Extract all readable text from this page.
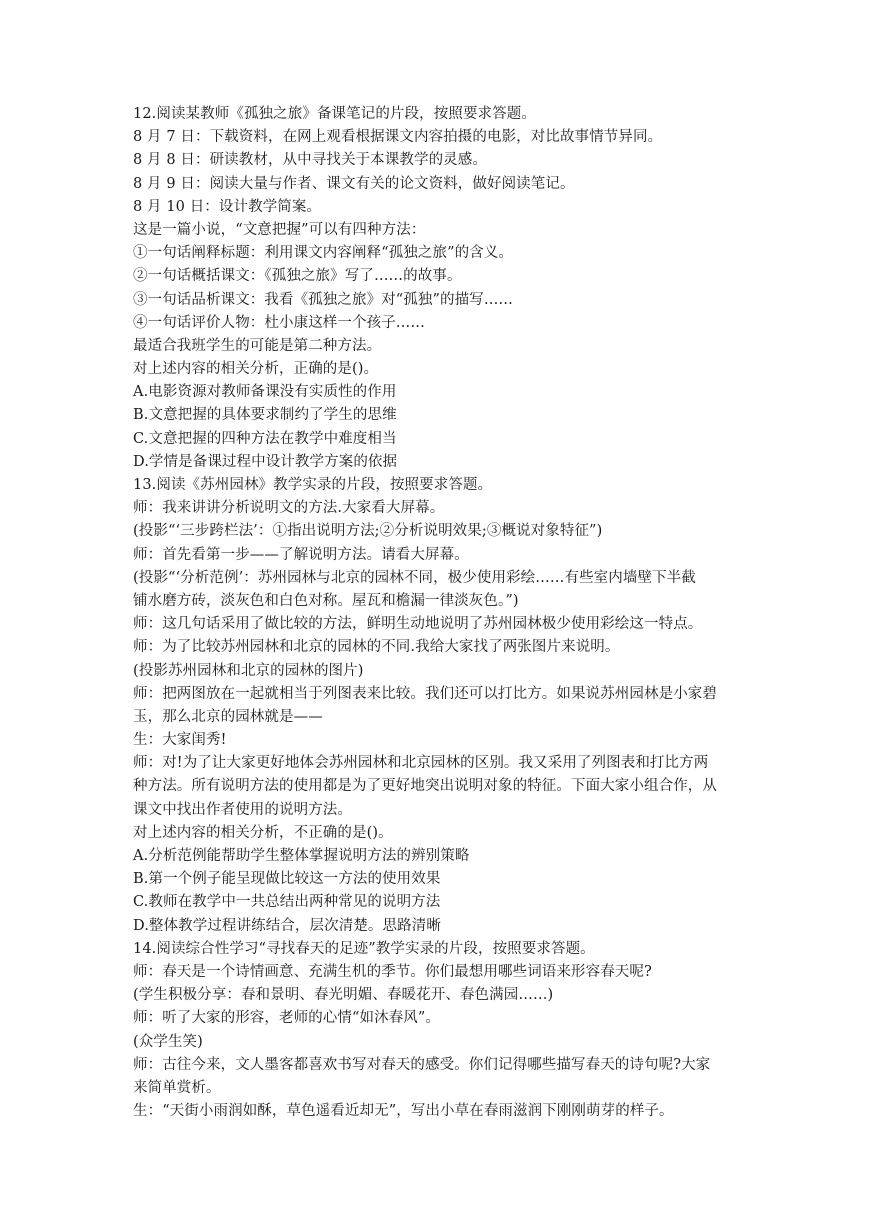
12.阅读某教师《孤独之旅》备课笔记的片段，按照要求答题。
8 月 7 日：下载资料，在网上观看根据课文内容拍摄的电影，对比故事情节异同。
8 月 8 日：研读教材，从中寻找关于本课教学的灵感。
8 月 9 日：阅读大量与作者、课文有关的论文资料，做好阅读笔记。
8 月 10 日：设计教学简案。
这是一篇小说，“文意把握”可以有四种方法：
①一句话阐释标题：利用课文内容阐释“孤独之旅”的含义。
②一句话概括课文：《孤独之旅》写了……的故事。
③一句话品析课文：我看《孤独之旅》对“孤独”的描写……
④一句话评价人物：杜小康这样一个孩子……
最适合我班学生的可能是第二种方法。
对上述内容的相关分析，正确的是()。
A.电影资源对教师备课没有实质性的作用
B.文意把握的具体要求制约了学生的思维
C.文意把握的四种方法在教学中难度相当
D.学情是备课过程中设计教学方案的依据
13.阅读《苏州园林》教学实录的片段，按照要求答题。
师：我来讲讲分析说明文的方法.大家看大屏幕。
(投影“‘三步跨栏法’：①指出说明方法;②分析说明效果;③概说对象特征”)
师：首先看第一步——了解说明方法。请看大屏幕。
(投影“‘分析范例’：苏州园林与北京的园林不同，极少使用彩绘……有些室内墙壁下半截
铺水磨方砖，淡灰色和白色对称。屋瓦和檐漏一律淡灰色。”)
师：这几句话采用了做比较的方法，鲜明生动地说明了苏州园林极少使用彩绘这一特点。
师：为了比较苏州园林和北京的园林的不同.我给大家找了两张图片来说明。
(投影苏州园林和北京的园林的图片)
师：把两图放在一起就相当于列图表来比较。我们还可以打比方。如果说苏州园林是小家碧
玉，那么北京的园林就是——
生：大家闺秀!
师：对!为了让大家更好地体会苏州园林和北京园林的区别。我又采用了列图表和打比方两
种方法。所有说明方法的使用都是为了更好地突出说明对象的特征。下面大家小组合作，从
课文中找出作者使用的说明方法。
对上述内容的相关分析，不正确的是()。
A.分析范例能帮助学生整体掌握说明方法的辨别策略
B.第一个例子能呈现做比较这一方法的使用效果
C.教师在教学中一共总结出两种常见的说明方法
D.整体教学过程讲练结合，层次清楚。思路清晰
14.阅读综合性学习“寻找春天的足迹”教学实录的片段，按照要求答题。
师：春天是一个诗情画意、充满生机的季节。你们最想用哪些词语来形容春天呢?
(学生积极分享：春和景明、春光明媚、春暖花开、春色满园……)
师：听了大家的形容，老师的心情“如沐春风”。
(众学生笑)
师：古往今来，文人墨客都喜欢书写对春天的感受。你们记得哪些描写春天的诗句呢?大家
来简单赏析。
生：“天街小雨润如酥，草色遥看近却无”，写出小草在春雨滋润下刚刚萌芽的样子。
